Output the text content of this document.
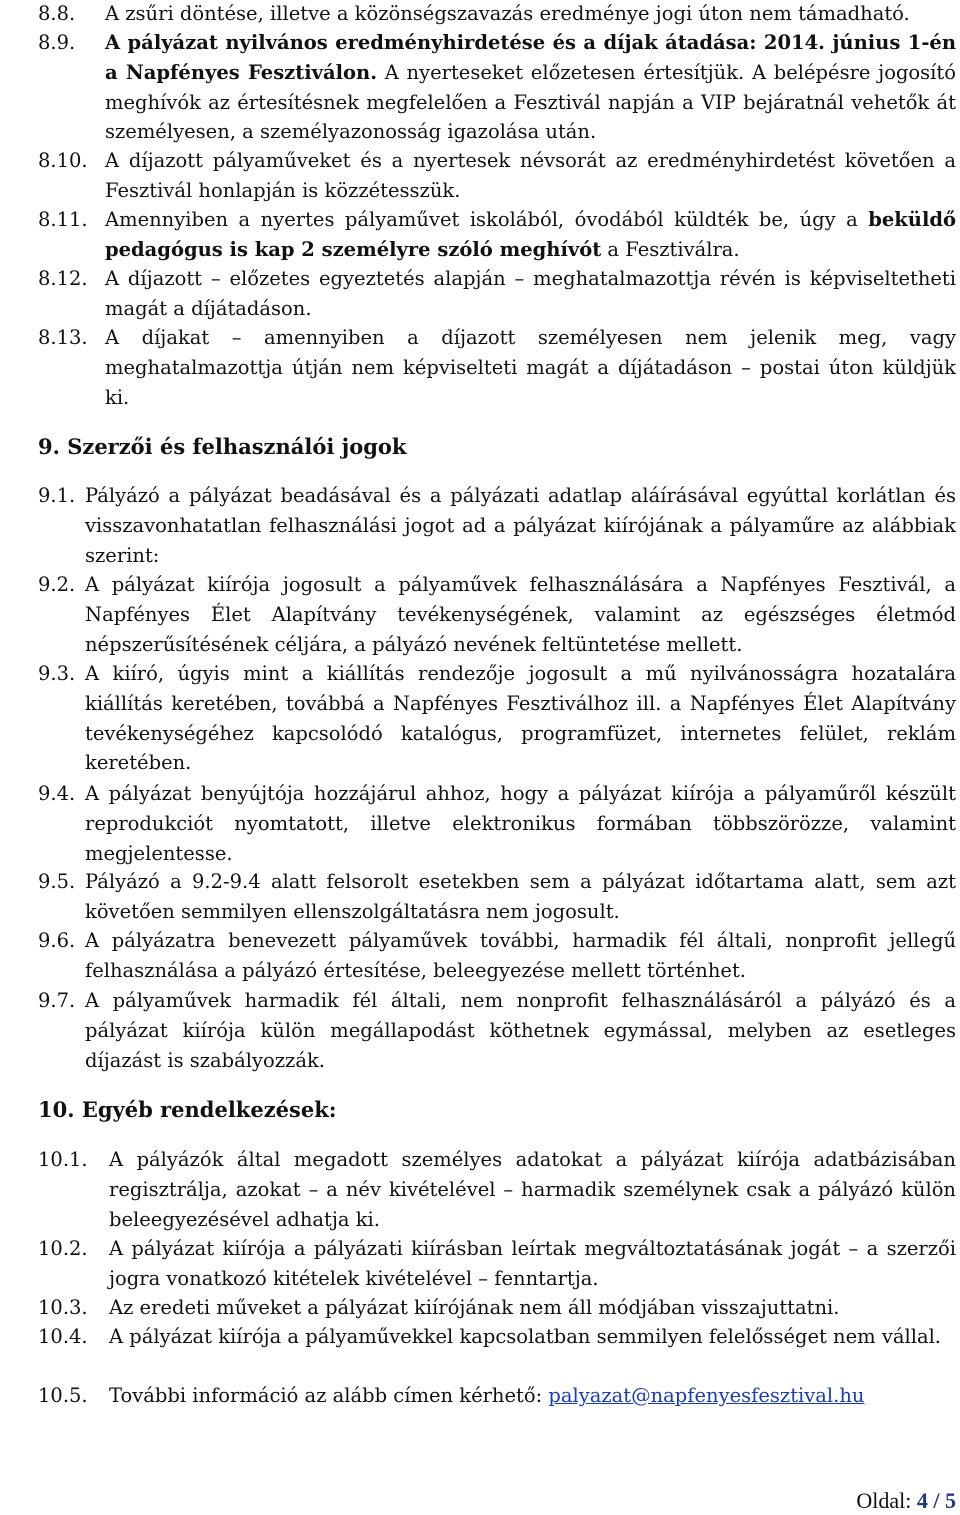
8.8.	A zsűri döntése, illetve a közönségszavazás eredménye jogi úton nem támadható.
8.9.	A pályázat nyilvános eredményhirdetése és a díjak átadása: 2014. június 1-én a Napfényes Fesztiválon. A nyerteseket előzetesen értesítjük. A belépésre jogosító meghívók az értesítésnek megfelelően a Fesztivál napján a VIP bejáratnál vehetők át személyesen, a személyazonosság igazolása után.
8.10. A díjazott pályaműveket és a nyertesek névsorát az eredményhirdetést követően a Fesztivál honlapján is közzétesszük.
8.11. Amennyiben a nyertes pályaművet iskolából, óvodából küldték be, úgy a beküldő pedagógus is kap 2 személyre szóló meghívót a Fesztiválra.
8.12. A díjazott – előzetes egyeztetés alapján – meghatalmazottja révén is képviseltetheti magát a díjátadáson.
8.13. A díjakat – amennyiben a díjazott személyesen nem jelenik meg, vagy meghatalmazottja útján nem képviselteti magát a díjátadáson – postai úton küldjük ki.
9. Szerzői és felhasználói jogok
9.1. Pályázó a pályázat beadásával és a pályázati adatlap aláírásával egyúttal korlátlan és visszavonhatatlan felhasználási jogot ad a pályázat kiírójának a pályaműre az alábbiak szerint:
9.2. A pályázat kiírója jogosult a pályaművek felhasználására a Napfényes Fesztivál, a Napfényes Élet Alapítvány tevékenységének, valamint az egészséges életmód népszerűsítésének céljára, a pályázó nevének feltüntetése mellett.
9.3. A kiíró, úgyis mint a kiállítás rendezője jogosult a mű nyilvánosságra hozatalára kiállítás keretében, továbbá a Napfényes Fesztiválhoz ill. a Napfényes Élet Alapítvány tevékenységéhez kapcsolódó katalógus, programfüzet, internetes felület, reklám keretében.
9.4. A pályázat benyújtója hozzájárul ahhoz, hogy a pályázat kiírója a pályaműről készült reprodukciót nyomtatott, illetve elektronikus formában többszörözze, valamint megjelentesse.
9.5. Pályázó a 9.2-9.4 alatt felsorolt esetekben sem a pályázat időtartama alatt, sem azt követően semmilyen ellenszolgáltatásra nem jogosult.
9.6. A pályázatra benevezett pályaművek további, harmadik fél általi, nonprofit jellegű felhasználása a pályázó értesítése, beleegyezése mellett történhet.
9.7. A pályaművek harmadik fél általi, nem nonprofit felhasználásáról a pályázó és a pályázat kiírója külön megállapodást köthetnek egymással, melyben az esetleges díjazást is szabályozzák.
10. Egyéb rendelkezések:
10.1.	A pályázók által megadott személyes adatokat a pályázat kiírója adatbázisában regisztrálja, azokat – a név kivételével – harmadik személynek csak a pályázó külön beleegyezésével adhatja ki.
10.2.	A pályázat kiírója a pályázati kiírásban leírtak megváltoztatásának jogát – a szerzői jogra vonatkozó kitételek kivételével – fenntartja.
10.3.	Az eredeti műveket a pályázat kiírójának nem áll módjában visszajuttatni.
10.4.	A pályázat kiírója a pályaművekkel kapcsolatban semmilyen felelősséget nem vállal.
10.5.	További információ az alább címen kérhető: palyazat@napfenyesfesztival.hu
Oldal: 4 / 5
